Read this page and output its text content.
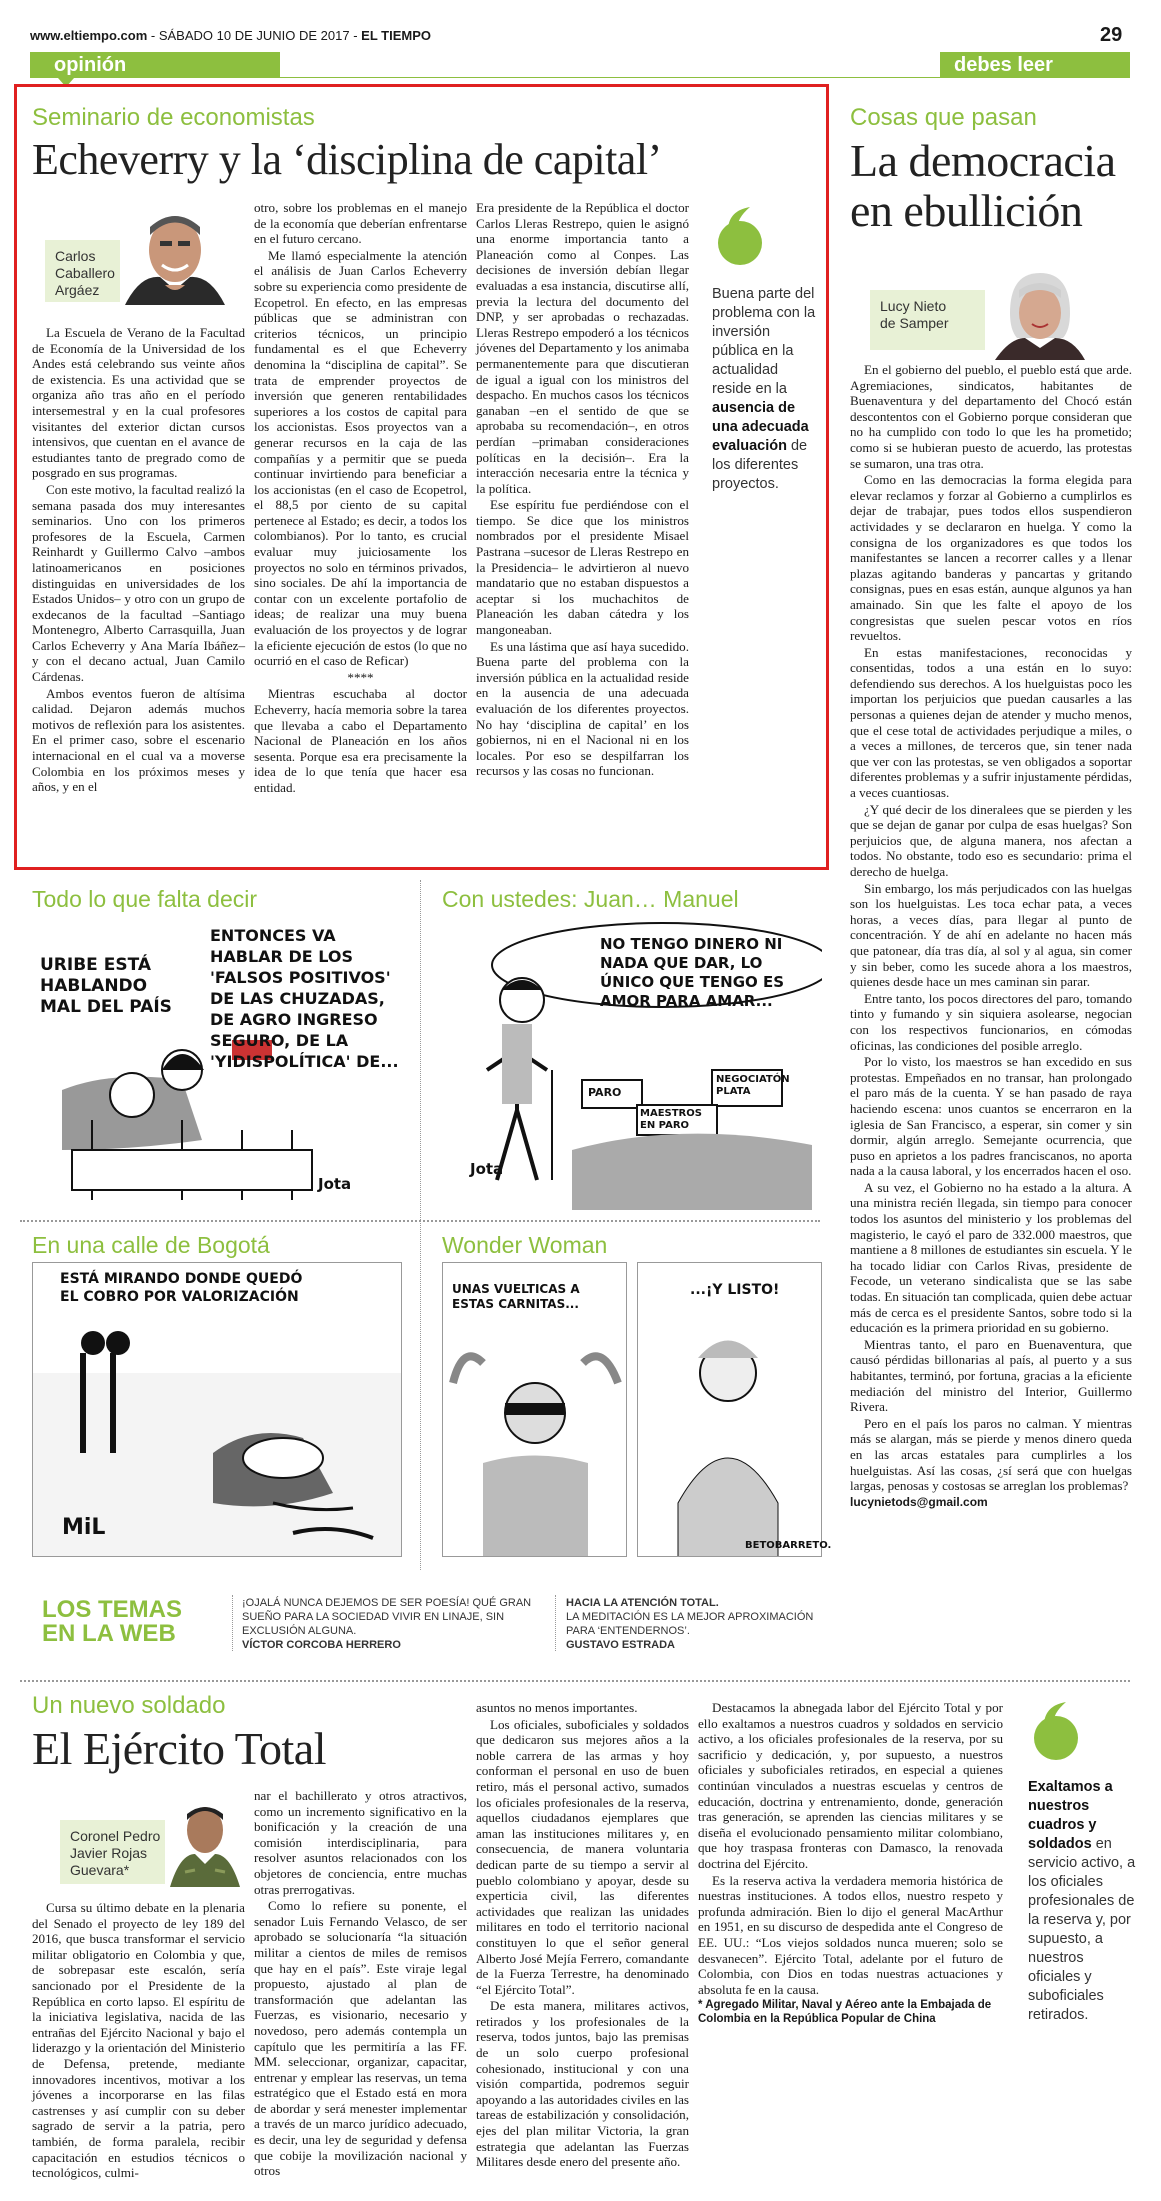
www.eltiempo.com - SÁBADO 10 DE JUNIO DE 2017 - EL TIEMPO	29
opinión	debes leer
Seminario de economistas
Echeverry y la ‘disciplina de capital’
Carlos Caballero Argáez

La Escuela de Verano de la Facultad de Economía de la Universidad de los Andes está celebrando sus veinte años de existencia. Es una actividad que se organiza año tras año en el período intersemestral y en la cual profesores visitantes del exterior dictan cursos intensivos, que cuentan en el avance de estudiantes tanto de pregrado como de posgrado en sus programas.

Con este motivo, la facultad realizó la semana pasada dos muy interesantes seminarios. Uno con los primeros profesores de la Escuela, Carmen Reinhardt y Guillermo Calvo –ambos latinoamericanos en posiciones distinguidas en universidades de los Estados Unidos– y otro con un grupo de exdecanos de la facultad –Santiago Montenegro, Alberto Carrasquilla, Juan Carlos Echeverry y Ana María Ibáñez– y con el decano actual, Juan Camilo Cárdenas.

Ambos eventos fueron de altísima calidad. Dejaron además muchos motivos de reflexión para los asistentes. En el primer caso, sobre el escenario internacional en el cual va a moverse Colombia en los próximos meses y años, y en el

otro, sobre los problemas en el manejo de la economía que deberían enfrentarse en el futuro cercano.

Me llamó especialmente la atención el análisis de Juan Carlos Echeverry sobre su experiencia como presidente de Ecopetrol. En efecto, en las empresas públicas que se administran con criterios técnicos, un principio fundamental es el que Echeverry denomina la “disciplina de capital”. Se trata de emprender proyectos de inversión que generen rentabilidades superiores a los costos de capital para los accionistas. Esos proyectos van a generar recursos en la caja de las compañías y a permitir que se pueda continuar invirtiendo para beneficiar a los accionistas (en el caso de Ecopetrol, el 88,5 por ciento de su capital pertenece al Estado; es decir, a todos los colombianos). Por lo tanto, es crucial evaluar muy juiciosamente los proyectos no solo en términos privados, sino sociales. De ahí la importancia de contar con un excelente portafolio de ideas; de realizar una muy buena evaluación de los proyectos y de lograr la eficiente ejecución de estos (lo que no ocurrió en el caso de Reficar)

****

Mientras escuchaba al doctor Echeverry, hacía memoria sobre la tarea que llevaba a cabo el Departamento Nacional de Planeación en los años sesenta. Porque esa era precisamente la idea de lo que tenía que hacer esa entidad.

Era presidente de la República el doctor Carlos Lleras Restrepo, quien le asignó una enorme importancia tanto a Planeación como al Conpes. Las decisiones de inversión debían llegar evaluadas a esa instancia, discutirse allí, previa la lectura del documento del DNP, y ser aprobadas o rechazadas. Lleras Restrepo empoderó a los técnicos jóvenes del Departamento y los animaba permanentemente para que discutieran de igual a igual con los ministros del despacho. En muchos casos los técnicos ganaban –en el sentido de que se aprobaba su recomendación–, en otros perdían –primaban consideraciones políticas en la decisión–. Era la interacción necesaria entre la técnica y la política.

Ese espíritu fue perdiéndose con el tiempo. Se dice que los ministros nombrados por el presidente Misael Pastrana –sucesor de Lleras Restrepo en la Presidencia– le advirtieron al nuevo mandatario que no estaban dispuestos a aceptar si los muchachitos de Planeación les daban cátedra y los mangoneaban.

Es una lástima que así haya sucedido. Buena parte del problema con la inversión pública en la actualidad reside en la ausencia de una adecuada evaluación de los diferentes proyectos. No hay ‘disciplina de capital’ en los gobiernos, ni en el Nacional ni en los locales. Por eso se despilfarran los recursos y las cosas no funcionan.

Buena parte del problema con la inversión pública en la actualidad reside en la ausencia de una adecuada evaluación de los diferentes proyectos.
Cosas que pasan
La democracia
en ebullición
Lucy Nieto de Samper

En el gobierno del pueblo, el pueblo está que arde. Agremiaciones, sindicatos, habitantes de Buenaventura y del departamento del Chocó están descontentos con el Gobierno porque consideran que no ha cumplido con todo lo que les ha prometido; como si se hubieran puesto de acuerdo, las protestas se sumaron, una tras otra.

Como en las democracias la forma elegida para elevar reclamos y forzar al Gobierno a cumplirlos es dejar de trabajar, pues todos ellos suspendieron actividades y se declararon en huelga. Y como la consigna de los organizadores es que todos los manifestantes se lancen a recorrer calles y a llenar plazas agitando banderas y pancartas y gritando consignas, pues en esas están, aunque algunos ya han amainado. Sin que les falte el apoyo de los congresistas que suelen pescar votos en ríos revueltos.

En estas manifestaciones, reconocidas y consentidas, todos a una están en lo suyo: defendiendo sus derechos. A los huelguistas poco les importan los perjuicios que puedan causarles a las personas a quienes dejan de atender y mucho menos, que el cese total de actividades perjudique a miles, o a veces a millones, de terceros que, sin tener nada que ver con las protestas, se ven obligados a soportar diferentes problemas y a sufrir injustamente pérdidas, a veces cuantiosas.

¿Y qué decir de los dineralees que se pierden y les que se dejan de ganar por culpa de esas huelgas? Son perjuicios que, de alguna manera, nos afectan a todos. No obstante, todo eso es secundario: prima el derecho de huelga.

Sin embargo, los más perjudicados con las huelgas son los huelguistas. Les toca echar pata, a veces horas, a veces días, para llegar al punto de concentración. Y de ahí en adelante no hacen más que patonear, día tras día, al sol y al agua, sin comer y sin beber, como les sucede ahora a los maestros, quienes desde hace un mes caminan sin parar.

Entre tanto, los pocos directores del paro, tomando tinto y fumando y sin siquiera asolearse, negocian con los respectivos funcionarios, en cómodas oficinas, las condiciones del posible arreglo.

Por lo visto, los maestros se han excedido en sus protestas. Empeñados en no transar, han prolongado el paro más de la cuenta. Y se han pasado de raya haciendo escena: unos cuantos se encerraron en la iglesia de San Francisco, a esperar, sin comer y sin dormir, algún arreglo. Semejante ocurrencia, que puso en aprietos a los padres franciscanos, no aporta nada a la causa laboral, y los encerrados hacen el oso.

A su vez, el Gobierno no ha estado a la altura. A una ministra recién llegada, sin tiempo para conocer todos los asuntos del ministerio y los problemas del magisterio, le cayó el paro de 332.000 maestros, que mantiene a 8 millones de estudiantes sin escuela. Y le ha tocado lidiar con Carlos Rivas, presidente de Fecode, un veterano sindicalista que se las sabe todas. En situación tan complicada, quien debe actuar más de cerca es el presidente Santos, sobre todo si la educación es la primera prioridad en su gobierno.

Mientras tanto, el paro en Buenaventura, que causó pérdidas billonarias al país, al puerto y a sus habitantes, terminó, por fortuna, gracias a la eficiente mediación del ministro del Interior, Guillermo Rivera.

Pero en el país los paros no calman. Y mientras más se alargan, más se pierde y menos dinero queda en las arcas estatales para cumplirles a los huelguistas. Así las cosas, ¿sí será que con huelgas largas, penosas y costosas se arreglan los problemas?

lucynietods@gmail.com

Todo lo que falta decir
URIBE ESTÁ HABLANDO MAL DEL PAÍS
ENTONCES VA HABLAR DE LOS 'FALSOS POSITIVOS' DE LAS CHUZADAS, DE AGRO INGRESO SEGURO, DE LA 'YIDISPOLÍTICA' DE...
Jota
Con ustedes: Juan… Manuel
NO TENGO DINERO NI NADA QUE DAR, LO ÚNICO QUE TENGO ES AMOR PARA AMAR...
PARO
NEGOCIATÓN PLATA
MAESTROS EN PARO
Jota
En una calle de Bogotá
ESTÁ MIRANDO DONDE QUEDÓ EL COBRO POR VALORIZACIÓN
MiL
Wonder Woman
UNAS VUELTICAS A ESTAS CARNITAS...
...¡Y LISTO!
BETOBARRETO.
LOS TEMAS
EN LA WEB
¡OJALÁ NUNCA DEJEMOS DE SER POESÍA! QUÉ GRAN SUEÑO PARA LA SOCIEDAD VIVIR EN LINAJE, SIN EXCLUSIÓN ALGUNA.
VÍCTOR CORCOBA HERRERO
HACIA LA ATENCIÓN TOTAL.
LA MEDITACIÓN ES LA MEJOR APROXIMACIÓN PARA ‘ENTENDERNOS’.
GUSTAVO ESTRADA
Un nuevo soldado
El Ejército Total
Coronel Pedro Javier Rojas Guevara*

Cursa su último debate en la plenaria del Senado el proyecto de ley 189 del 2016, que busca transformar el servicio militar obligatorio en Colombia y que, de sobrepasar este escalón, sería sancionado por el Presidente de la República en corto lapso. El espíritu de la iniciativa legislativa, nacida de las entrañas del Ejército Nacional y bajo el liderazgo y la orientación del Ministerio de Defensa, pretende, mediante innovadores incentivos, motivar a los jóvenes a incorporarse en las filas castrenses y así cumplir con su deber sagrado de servir a la patria, pero también, de forma paralela, recibir capacitación en estudios técnicos o tecnológicos, culmi-

nar el bachillerato y otros atractivos, como un incremento significativo en la bonificación y la creación de una comisión interdisciplinaria, para resolver asuntos relacionados con los objetores de conciencia, entre muchas otras prerrogativas.

Como lo refiere su ponente, el senador Luis Fernando Velasco, de ser aprobado se solucionaría “la situación militar a cientos de miles de remisos que hay en el país”. Este viraje legal propuesto, ajustado al plan de transformación que adelantan las Fuerzas, es visionario, necesario y novedoso, pero además contempla un capítulo que les permitiría a las FF. MM. seleccionar, organizar, capacitar, entrenar y emplear las reservas, un tema estratégico que el Estado está en mora de abordar y será menester implementar a través de un marco jurídico adecuado, es decir, una ley de seguridad y defensa que cobije la movilización nacional y otros

asuntos no menos importantes.

Los oficiales, suboficiales y soldados que dedicaron sus mejores años a la noble carrera de las armas y hoy conforman el personal en uso de buen retiro, más el personal activo, sumados los oficiales profesionales de la reserva, aquellos ciudadanos ejemplares que aman las instituciones militares y, en consecuencia, de manera voluntaria dedican parte de su tiempo a servir al pueblo colombiano y apoyar, desde su experticia civil, las diferentes actividades que realizan las unidades militares en todo el territorio nacional constituyen lo que el señor general Alberto José Mejía Ferrero, comandante de la Fuerza Terrestre, ha denominado “el Ejército Total”.

De esta manera, militares activos, retirados y los profesionales de la reserva, todos juntos, bajo las premisas de un solo cuerpo profesional cohesionado, institucional y con una visión compartida, podremos seguir apoyando a las autoridades civiles en las tareas de estabilización y consolidación, ejes del plan militar Victoria, la gran estrategia que adelantan las Fuerzas Militares desde enero del presente año.

Destacamos la abnegada labor del Ejército Total y por ello exaltamos a nuestros cuadros y soldados en servicio activo, a los oficiales profesionales de la reserva, por su sacrificio y dedicación, y, por supuesto, a nuestros oficiales y suboficiales retirados, en especial a quienes continúan vinculados a nuestras escuelas y centros de educación, doctrina y entrenamiento, donde, generación tras generación, se aprenden las ciencias militares y se diseña el evolucionado pensamiento militar colombiano, que hoy traspasa fronteras con Damasco, la renovada doctrina del Ejército.

Es la reserva activa la verdadera memoria histórica de nuestras instituciones. A todos ellos, nuestro respeto y profunda admiración. Bien lo dijo el general MacArthur en 1951, en su discurso de despedida ante el Congreso de EE. UU.: “Los viejos soldados nunca mueren; solo se desvanecen”. Ejército Total, adelante por el futuro de Colombia, con Dios en todas nuestras actuaciones y absoluta fe en la causa.

* Agregado Militar, Naval y Aéreo ante la Embajada de Colombia en la República Popular de China

Exaltamos a nuestros cuadros y soldados en servicio activo, a los oficiales profesionales de la reserva y, por supuesto, a nuestros oficiales y suboficiales retirados.
